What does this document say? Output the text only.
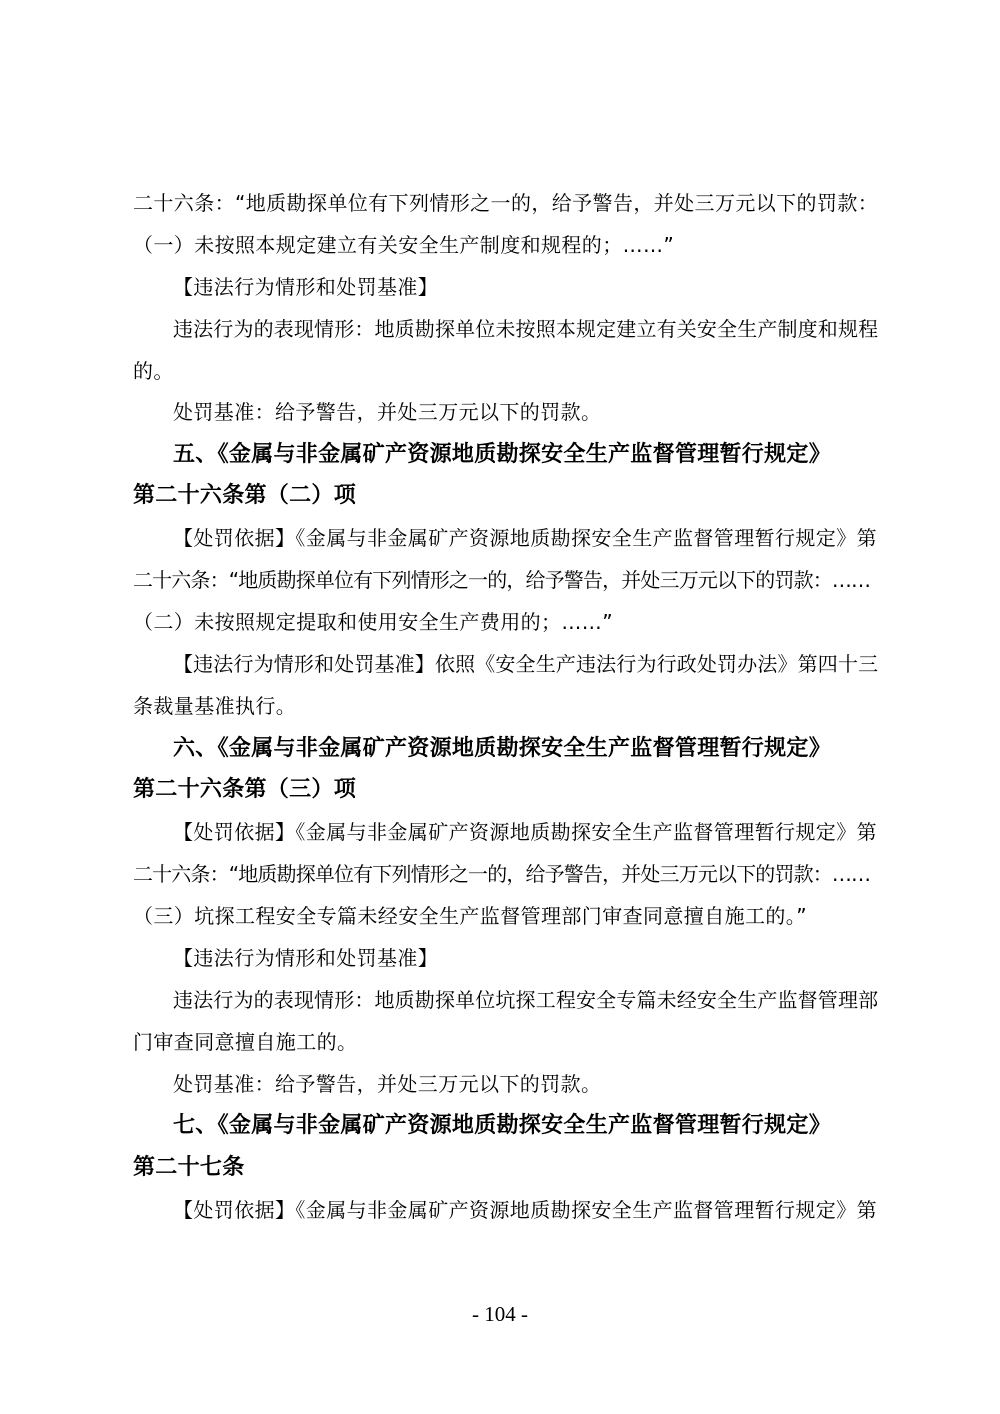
二十六条：“地质勘探单位有下列情形之一的，给予警告，并处三万元以下的罚款：
（一）未按照本规定建立有关安全生产制度和规程的；……”
【违法行为情形和处罚基准】
违法行为的表现情形：地质勘探单位未按照本规定建立有关安全生产制度和规程
的。
处罚基准：给予警告，并处三万元以下的罚款。
五、《金属与非金属矿产资源地质勘探安全生产监督管理暂行规定》
第二十六条第（二）项
【处罚依据】《金属与非金属矿产资源地质勘探安全生产监督管理暂行规定》第
二十六条：“地质勘探单位有下列情形之一的，给予警告，并处三万元以下的罚款：……
（二）未按照规定提取和使用安全生产费用的；……”
【违法行为情形和处罚基准】依照《安全生产违法行为行政处罚办法》第四十三
条裁量基准执行。
六、《金属与非金属矿产资源地质勘探安全生产监督管理暂行规定》
第二十六条第（三）项
【处罚依据】《金属与非金属矿产资源地质勘探安全生产监督管理暂行规定》第
二十六条：“地质勘探单位有下列情形之一的，给予警告，并处三万元以下的罚款：……
（三）坑探工程安全专篇未经安全生产监督管理部门审查同意擅自施工的。”
【违法行为情形和处罚基准】
违法行为的表现情形：地质勘探单位坑探工程安全专篇未经安全生产监督管理部
门审查同意擅自施工的。
处罚基准：给予警告，并处三万元以下的罚款。
七、《金属与非金属矿产资源地质勘探安全生产监督管理暂行规定》
第二十七条
【处罚依据】《金属与非金属矿产资源地质勘探安全生产监督管理暂行规定》第
- 104 -
